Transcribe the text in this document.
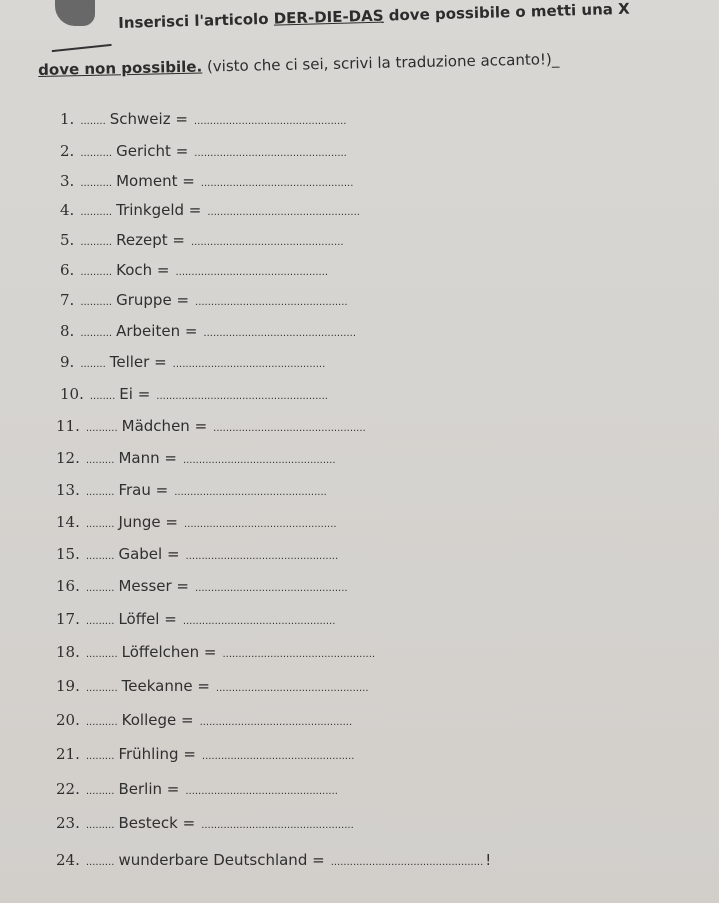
Inserisci l'articolo DER-DIE-DAS dove possibile o metti una X
dove non possibile. (visto che ci sei, scrivi la traduzione accanto!)_
1. ........ Schweiz = ................................................
2. .......... Gericht = ................................................
3. .......... Moment = ................................................
4. .......... Trinkgeld = ................................................
5. .......... Rezept = ................................................
6. .......... Koch = ................................................
7. .......... Gruppe = ................................................
8. .......... Arbeiten = ................................................
9. ........ Teller = ................................................
10. ........ Ei = ......................................................
11. .......... Mädchen = ................................................
12. ......... Mann = ................................................
13. ......... Frau = ................................................
14. ......... Junge = ................................................
15. ......... Gabel = ................................................
16. ......... Messer = ................................................
17. ......... Löffel = ................................................
18. .......... Löffelchen = ................................................
19. .......... Teekanne = ................................................
20. .......... Kollege = ................................................
21. ......... Frühling = ................................................
22. ......... Berlin = ................................................
23. ......... Besteck = ................................................
24. ......... wunderbare Deutschland = ................................................ !
